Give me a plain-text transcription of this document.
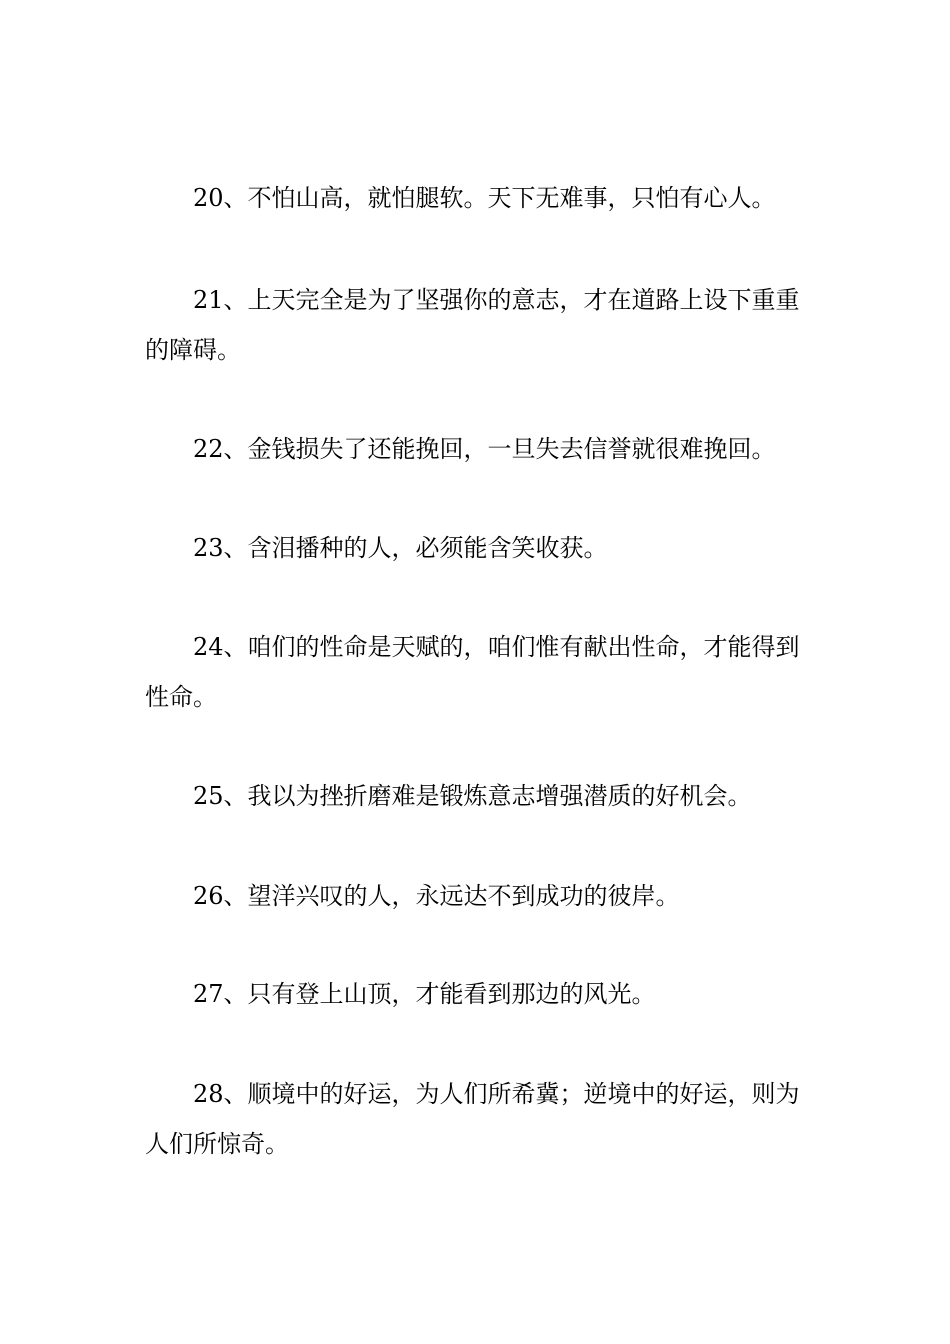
20、不怕山高，就怕腿软。天下无难事，只怕有心人。

21、上天完全是为了坚强你的意志，才在道路上设下重重的障碍。

22、金钱损失了还能挽回，一旦失去信誉就很难挽回。

23、含泪播种的人，必须能含笑收获。

24、咱们的性命是天赋的，咱们惟有献出性命，才能得到性命。

25、我以为挫折磨难是锻炼意志增强潜质的好机会。

26、望洋兴叹的人，永远达不到成功的彼岸。

27、只有登上山顶，才能看到那边的风光。

28、顺境中的好运，为人们所希冀；逆境中的好运，则为人们所惊奇。
